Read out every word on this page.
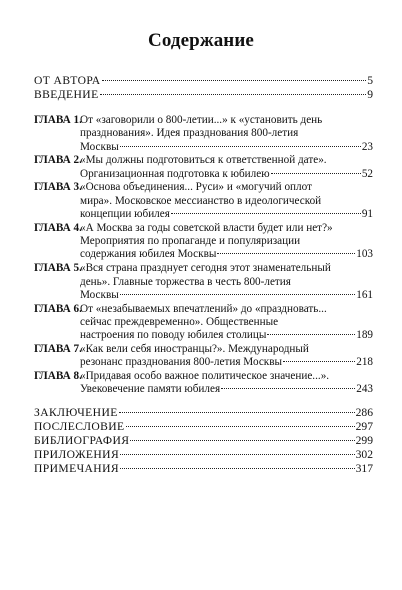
Содержание
ОТ АВТОРА	5
ВВЕДЕНИЕ	9
ГЛАВА 1.
От «заговорили о 800-летии...» к «установить день
празднования». Идея празднования 800-летия
Москвы	23
ГЛАВА 2.
«Мы должны подготовиться к ответственной дате».
Организационная подготовка к юбилею	52
ГЛАВА 3.
«Основа объединения... Руси» и «могучий оплот
мира». Московское мессианство в идеологической
концепции юбилея	91
ГЛАВА 4.
«А Москва за годы советской власти будет или нет?»
Мероприятия по пропаганде и популяризации
содержания юбилея Москвы	103
ГЛАВА 5.
«Вся страна празднует сегодня этот знаменательный
день». Главные торжества в честь 800-летия
Москвы	161
ГЛАВА 6.
От «незабываемых впечатлений» до «праздновать...
сейчас преждевременно». Общественные
настроения по поводу юбилея столицы	189
ГЛАВА 7.
«Как вели себя иностранцы?». Международный
резонанс празднования 800-летия Москвы	218
ГЛАВА 8.
«Придавая особо важное политическое значение...».
Увековечение памяти юбилея	243
ЗАКЛЮЧЕНИЕ	286
ПОСЛЕСЛОВИЕ	297
БИБЛИОГРАФИЯ	299
ПРИЛОЖЕНИЯ	302
ПРИМЕЧАНИЯ	317
